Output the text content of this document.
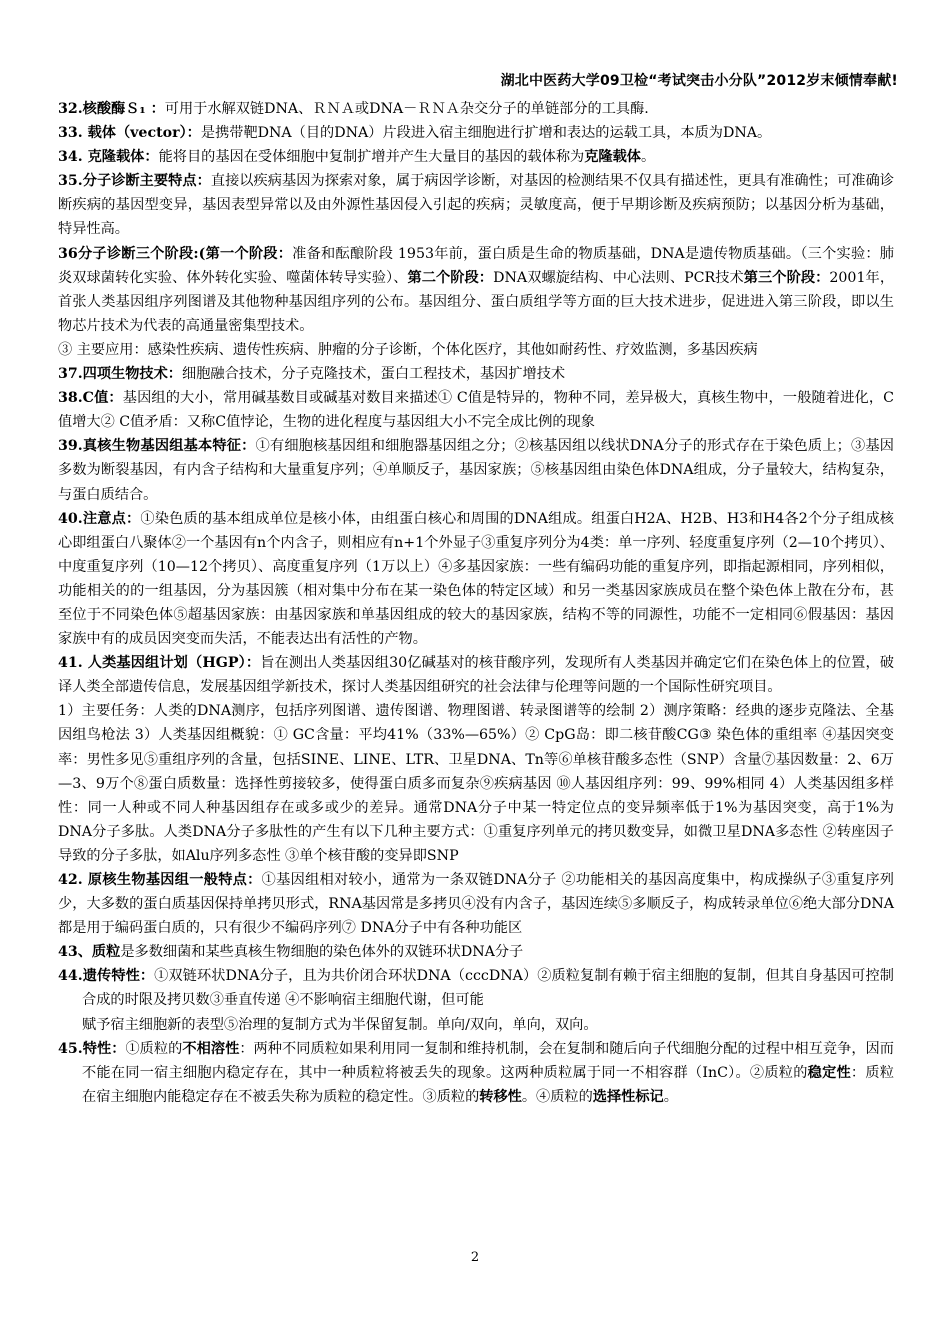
湖北中医药大学09卫检“考试突击小分队”2012岁末倾情奉献!

32.核酸酶Ｓ₁ ：可用于水解双链DNA、ＲＮＡ或DNA－ＲＮＡ杂交分子的单链部分的工具酶.

33. 载体（vector）：是携带靶DNA（目的DNA）片段进入宿主细胞进行扩增和表达的运载工具，本质为DNA。

34. 克隆载体：能将目的基因在受体细胞中复制扩增并产生大量目的基因的载体称为克隆载体。

35.分子诊断主要特点：直接以疾病基因为探索对象，属于病因学诊断，对基因的检测结果不仅具有描述性，更具有准确性；可准确诊断疾病的基因型变异，基因表型异常以及由外源性基因侵入引起的疾病；灵敏度高，便于早期诊断及疾病预防；以基因分析为基础，特异性高。

36分子诊断三个阶段:(第一个阶段：准备和酝酿阶段 1953年前，蛋白质是生命的物质基础，DNA是遗传物质基础。（三个实验：肺炎双球菌转化实验、体外转化实验、噬菌体转导实验）、第二个阶段：DNA双螺旋结构、中心法则、PCR技术第三个阶段：2001年，首张人类基因组序列图谱及其他物种基因组序列的公布。基因组分、蛋白质组学等方面的巨大技术进步，促进进入第三阶段，即以生物芯片技术为代表的高通量密集型技术。

③ 主要应用：感染性疾病、遗传性疾病、肿瘤的分子诊断，个体化医疗，其他如耐药性、疗效监测，多基因疾病

37.四项生物技术：细胞融合技术，分子克隆技术，蛋白工程技术，基因扩增技术

38.C值：基因组的大小，常用碱基数目或碱基对数目来描述① C值是特异的，物种不同，差异极大，真核生物中，一般随着进化，C值增大② C值矛盾：又称C值悖论，生物的进化程度与基因组大小不完全成比例的现象

39.真核生物基因组基本特征：①有细胞核基因组和细胞器基因组之分；②核基因组以线状DNA分子的形式存在于染色质上；③基因多数为断裂基因，有内含子结构和大量重复序列；④单顺反子，基因家族；⑤核基因组由染色体DNA组成，分子量较大，结构复杂，与蛋白质结合。

40.注意点：①染色质的基本组成单位是核小体，由组蛋白核心和周围的DNA组成。组蛋白H2A、H2B、H3和H4各2个分子组成核心即组蛋白八聚体②一个基因有n个内含子，则相应有n+1个外显子③重复序列分为4类：单一序列、轻度重复序列（2—10个拷贝）、中度重复序列（10—12个拷贝）、高度重复序列（1万以上）④多基因家族：一些有编码功能的重复序列，即指起源相同，序列相似，功能相关的的一组基因，分为基因簇（相对集中分布在某一染色体的特定区域）和另一类基因家族成员在整个染色体上散在分布，甚至位于不同染色体⑤超基因家族：由基因家族和单基因组成的较大的基因家族，结构不等的同源性，功能不一定相同⑥假基因：基因家族中有的成员因突变而失活，不能表达出有活性的产物。

41. 人类基因组计划（HGP）：旨在测出人类基因组30亿碱基对的核苷酸序列，发现所有人类基因并确定它们在染色体上的位置，破译人类全部遗传信息，发展基因组学新技术，探讨人类基因组研究的社会法律与伦理等问题的一个国际性研究项目。

1）主要任务：人类的DNA测序，包括序列图谱、遗传图谱、物理图谱、转录图谱等的绘制 2）测序策略：经典的逐步克隆法、全基因组鸟枪法 3）人类基因组概貌：① GC含量：平均41%（33%—65%）② CpG岛：即二核苷酸CG③ 染色体的重组率 ④基因突变率：男性多见⑤重组序列的含量，包括SINE、LINE、LTR、卫星DNA、Tn等⑥单核苷酸多态性（SNP）含量⑦基因数量：2、6万—3、9万个⑧蛋白质数量：选择性剪接较多，使得蛋白质多而复杂⑨疾病基因 ⑩人基因组序列：99、99%相同 4）人类基因组多样性：同一人种或不同人种基因组存在或多或少的差异。通常DNA分子中某一特定位点的变异频率低于1%为基因突变，高于1%为DNA分子多肽。人类DNA分子多肽性的产生有以下几种主要方式：①重复序列单元的拷贝数变异，如微卫星DNA多态性 ②转座因子导致的分子多肽，如Alu序列多态性 ③单个核苷酸的变异即SNP

42. 原核生物基因组一般特点：①基因组相对较小，通常为一条双链DNA分子 ②功能相关的基因高度集中，构成操纵子③重复序列少，大多数的蛋白质基因保持单拷贝形式，RNA基因常是多拷贝④没有内含子，基因连续⑤多顺反子，构成转录单位⑥绝大部分DNA都是用于编码蛋白质的，只有很少不编码序列⑦ DNA分子中有各种功能区

43、质粒是多数细菌和某些真核生物细胞的染色体外的双链环状DNA分子

44.遗传特性：①双链环状DNA分子，且为共价闭合环状DNA（cccDNA）②质粒复制有赖于宿主细胞的复制，但其自身基因可控制合成的时限及拷贝数③垂直传递 ④不影响宿主细胞代谢，但可能

赋予宿主细胞新的表型⑤治理的复制方式为半保留复制。单向/双向，单向，双向。

45.特性：①质粒的不相溶性：两种不同质粒如果利用同一复制和维持机制，会在复制和随后向子代细胞分配的过程中相互竞争，因而不能在同一宿主细胞内稳定存在，其中一种质粒将被丢失的现象。这两种质粒属于同一不相容群（InC）。②质粒的稳定性：质粒在宿主细胞内能稳定存在不被丢失称为质粒的稳定性。③质粒的转移性。④质粒的选择性标记。

2
